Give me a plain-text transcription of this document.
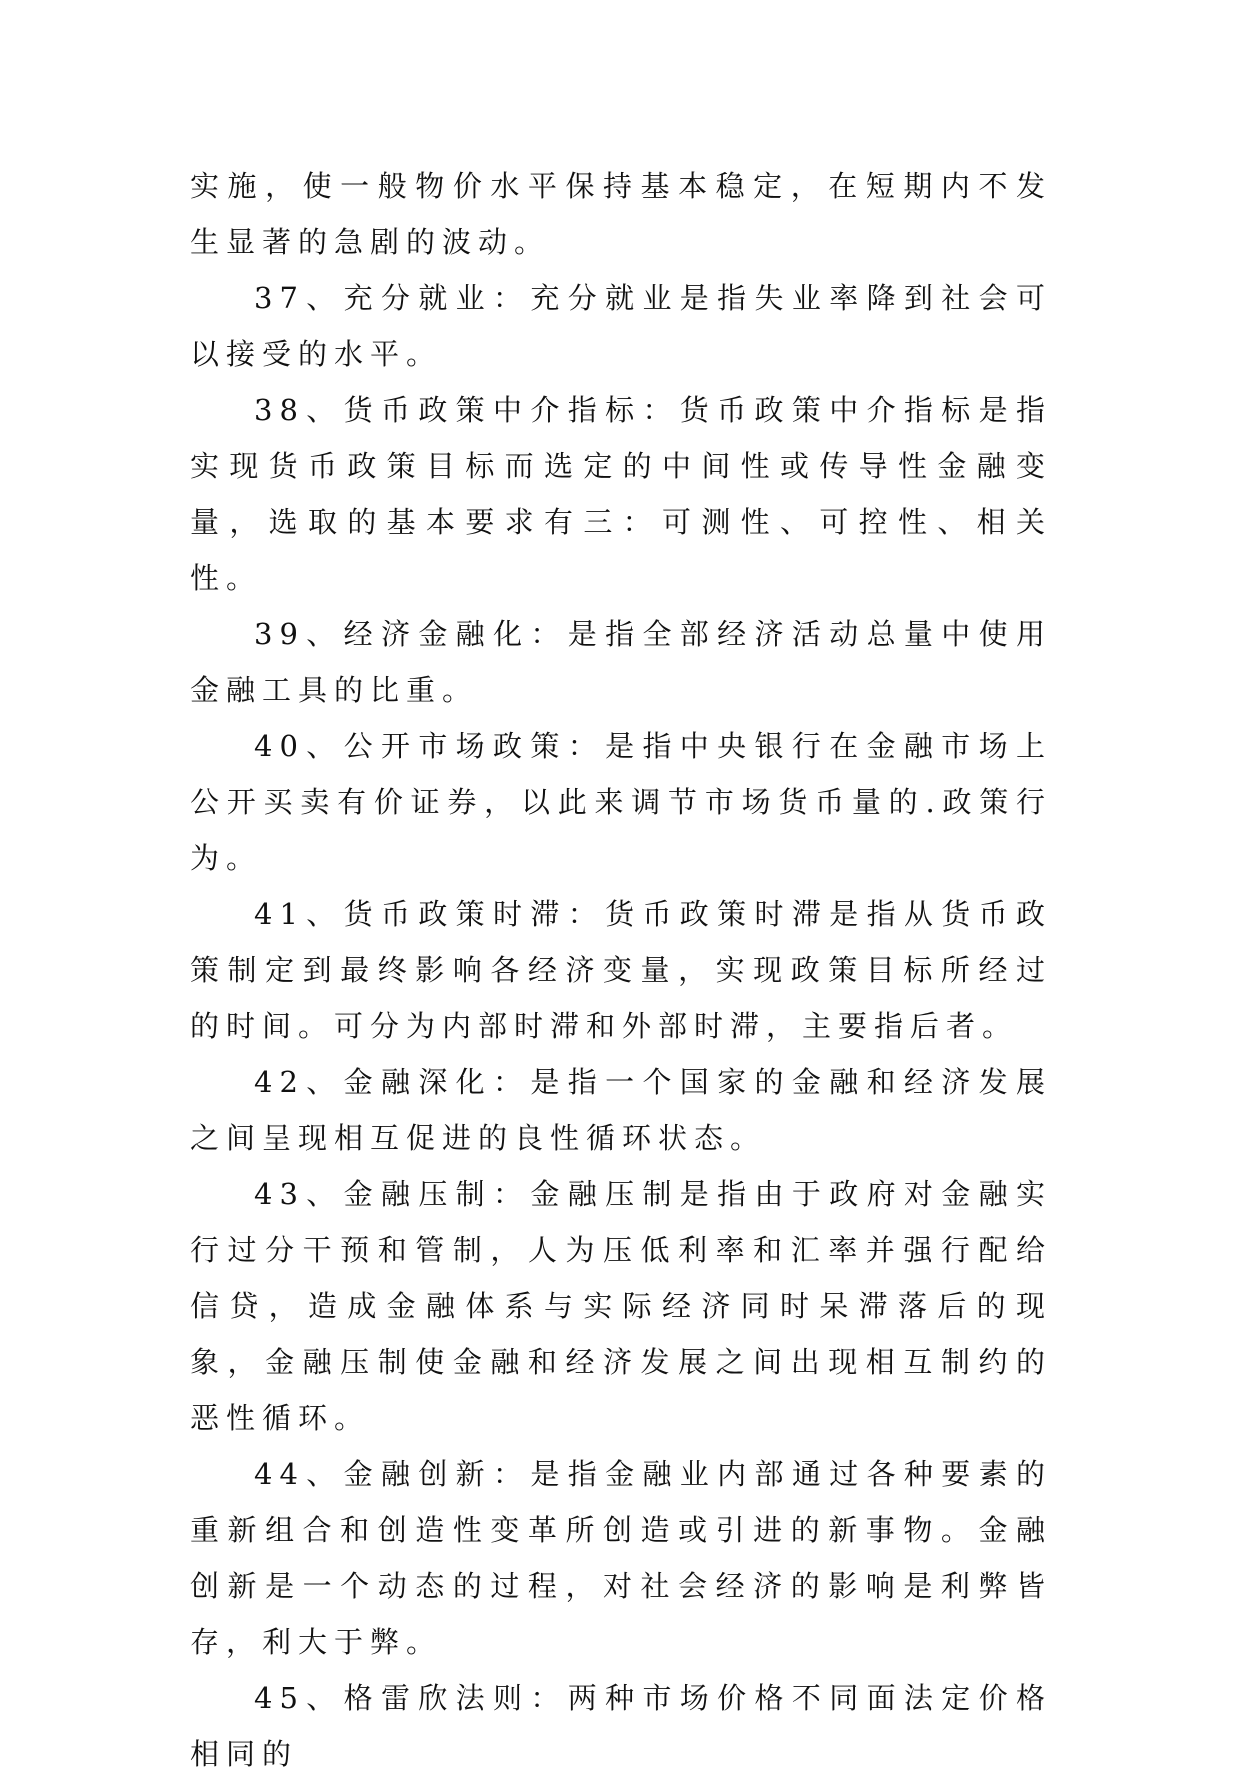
实施，使一般物价水平保持基本稳定，在短期内不发生显著的急剧的波动。

37、充分就业：充分就业是指失业率降到社会可以接受的水平。

38、货币政策中介指标：货币政策中介指标是指实现货币政策目标而选定的中间性或传导性金融变量，选取的基本要求有三：可测性、可控性、相关性。

39、经济金融化：是指全部经济活动总量中使用金融工具的比重。

40、公开市场政策：是指中央银行在金融市场上公开买卖有价证券，以此来调节市场货币量的.政策行为。

41、货币政策时滞：货币政策时滞是指从货币政策制定到最终影响各经济变量，实现政策目标所经过的时间。可分为内部时滞和外部时滞，主要指后者。

42、金融深化：是指一个国家的金融和经济发展之间呈现相互促进的良性循环状态。

43、金融压制：金融压制是指由于政府对金融实行过分干预和管制，人为压低利率和汇率并强行配给信贷，造成金融体系与实际经济同时呆滞落后的现象，金融压制使金融和经济发展之间出现相互制约的恶性循环。

44、金融创新：是指金融业内部通过各种要素的重新组合和创造性变革所创造或引进的新事物。金融创新是一个动态的过程，对社会经济的影响是利弊皆存，利大于弊。

45、格雷欣法则：两种市场价格不同面法定价格相同的
